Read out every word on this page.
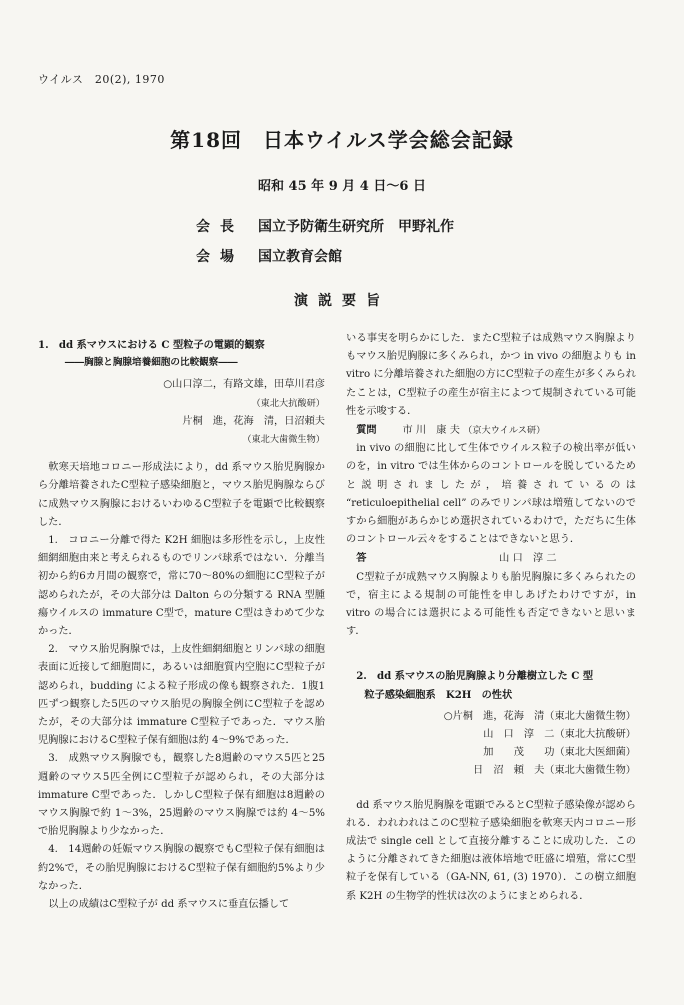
ウイルス　20(2), 1970
第18回　日本ウイルス学会総会記録
昭和 45 年 9 月 4 日〜6 日
会長 国立予防衛生研究所　甲野礼作
会場 国立教育会館
演説要旨

1.　dd 系マウスにおける C 型粒子の電顕的観察

――胸腺と胸腺培養細胞の比較観察――

○山口淳二，有路文雄，田草川君彦

（東北大抗酸研）

片桐　進，花海　清，日沼頼夫

（東北大歯微生物）

軟寒天培地コロニー形成法により，dd 系マウス胎児胸腺から分離培養されたC型粒子感染細胞と，マウス胎児胸腺ならびに成熟マウス胸腺におけるいわゆるC型粒子を電顕で比較観察した．

1.　コロニー分離で得た K2H 細胞は多形性を示し，上皮性細網細胞由来と考えられるものでリンパ球系ではない．分離当初から約6カ月間の観察で，常に70〜80%の細胞にC型粒子が認められたが，その大部分は Dalton らの分類する RNA 型腫瘍ウイルスの immature C型で，mature C型はきわめて少なかった．

2.　マウス胎児胸腺では，上皮性細網細胞とリンパ球の細胞表面に近接して細胞間に，あるいは細胞質内空胞にC型粒子が認められ，budding による粒子形成の像も観察された．1腹1匹ずつ観察した5匹のマウス胎児の胸腺全例にC型粒子を認めたが，その大部分は immature C型粒子であった．マウス胎児胸腺におけるC型粒子保有細胞は約 4〜9%であった．

3.　成熟マウス胸腺でも，観察した8週齢のマウス5匹と25週齢のマウス5匹全例にC型粒子が認められ，その大部分は immature C型であった．しかしC型粒子保有細胞は8週齢のマウス胸腺で約 1〜3%，25週齢のマウス胸腺では約 4〜5%で胎児胸腺より少なかった．

4.　14週齢の妊娠マウス胸腺の観察でもC型粒子保有細胞は約2%で，その胎児胸腺におけるC型粒子保有細胞約5%より少なかった．

以上の成績はC型粒子が dd 系マウスに垂直伝播して

いる事実を明らかにした．またC型粒子は成熟マウス胸腺よりもマウス胎児胸腺に多くみられ，かつ in vivo の細胞よりも in vitro に分離培養された細胞の方にC型粒子の産生が多くみられたことは，C型粒子の産生が宿主によつて規制されている可能性を示唆する．

質問	市 川　康 夫 （京大ウイルス研）

in vivo の細胞に比して生体でウイルス粒子の検出率が低いのを，in vitro では生体からのコントロールを脱しているためと説明されましたが，培養されているのは “reticuloepithelial cell” のみでリンパ球は増殖してないのですから細胞があらかじめ選択されているわけで，ただちに生体のコントロール云々をすることはできないと思う．

答	山 口　淳 二

C型粒子が成熟マウス胸腺よりも胎児胸腺に多くみられたので，宿主による規制の可能性を申しあげたわけですが，in vitro の場合には選択による可能性も否定できないと思います．

2.　dd 系マウスの胎児胸腺より分離樹立した C 型

粒子感染細胞系　K2H　の性状

○片桐　進，花海　清（東北大歯微生物）

山　口　淳　二（東北大抗酸研）

加　　茂　　功（東北大医細菌）

日　沼　頼　夫（東北大歯微生物）

dd 系マウス胎児胸腺を電顕でみるとC型粒子感染像が認められる．われわれはこのC型粒子感染細胞を軟寒天内コロニー形成法で single cell として直接分離することに成功した．このように分離されてきた細胞は液体培地で旺盛に増殖，常にC型粒子を保有している（GA-NN, 61, (3) 1970）．この樹立細胞系 K2H の生物学的性状は次のようにまとめられる．
